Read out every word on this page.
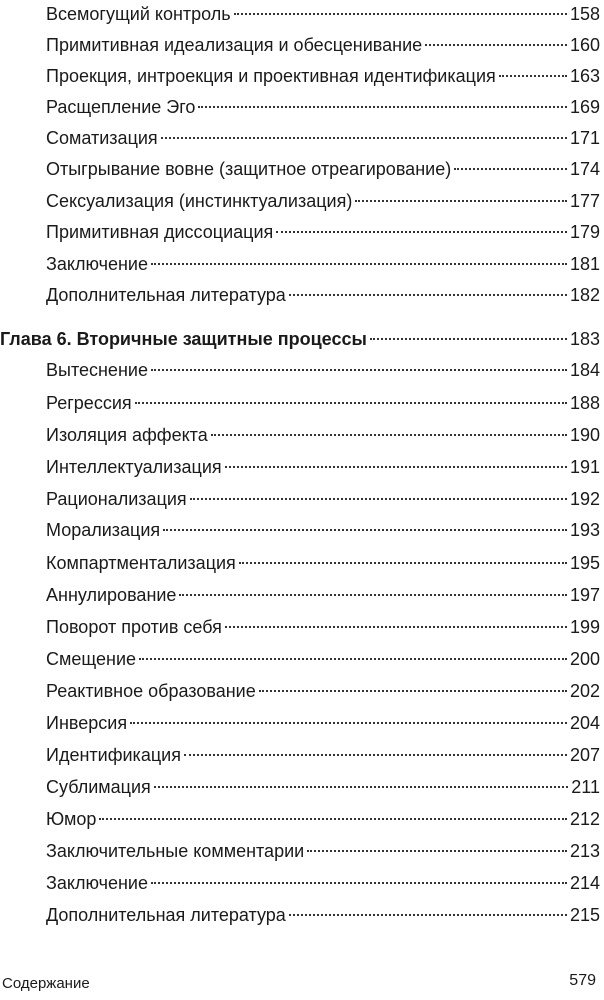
Всемогущий контроль	158
Примитивная идеализация и обесценивание	160
Проекция, интроекция и проективная идентификация	163
Расщепление Эго	169
Соматизация	171
Отыгрывание вовне (защитное отреагирование)	174
Сексуализация (инстинктуализация)	177
Примитивная диссоциация	179
Заключение	181
Дополнительная литература	182
Глава 6. Вторичные защитные процессы	183
Вытеснение	184
Регрессия	188
Изоляция аффекта	190
Интеллектуализация	191
Рационализация	192
Морализация	193
Компартментализация	195
Аннулирование	197
Поворот против себя	199
Смещение	200
Реактивное образование	202
Инверсия	204
Идентификация	207
Сублимация	211
Юмор	212
Заключительные комментарии	213
Заключение	214
Дополнительная литература	215
Содержание	579
